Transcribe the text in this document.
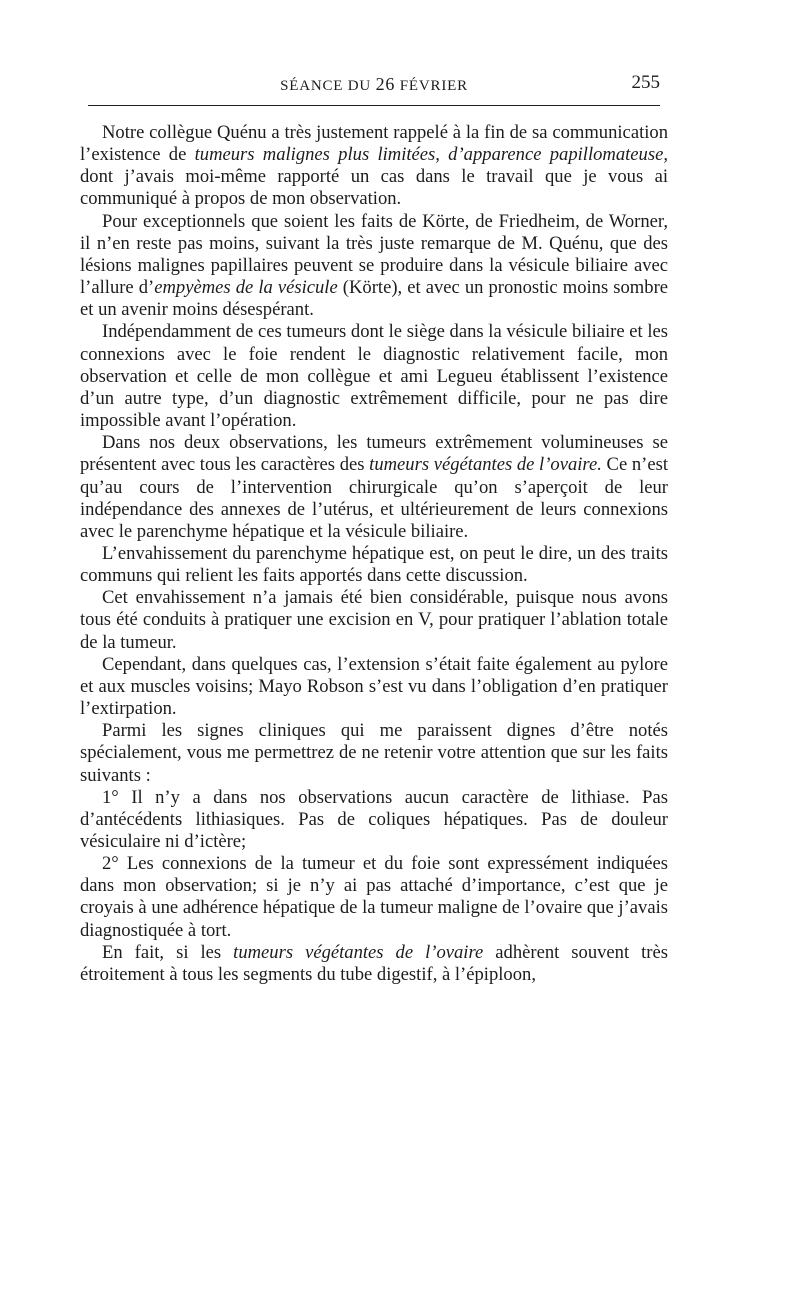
SÉANCE DU 26 FÉVRIER	255

Notre collègue Quénu a très justement rappelé à la fin de sa communication l’existence de tumeurs malignes plus limitées, d’apparence papillomateuse, dont j’avais moi-même rapporté un cas dans le travail que je vous ai communiqué à propos de mon observation.

Pour exceptionnels que soient les faits de Körte, de Friedheim, de Worner, il n’en reste pas moins, suivant la très juste remarque de M. Quénu, que des lésions malignes papillaires peuvent se produire dans la vésicule biliaire avec l’allure d’empyèmes de la vésicule (Körte), et avec un pronostic moins sombre et un avenir moins désespérant.

Indépendamment de ces tumeurs dont le siège dans la vésicule biliaire et les connexions avec le foie rendent le diagnostic relativement facile, mon observation et celle de mon collègue et ami Legueu établissent l’existence d’un autre type, d’un diagnostic extrêmement difficile, pour ne pas dire impossible avant l’opération.

Dans nos deux observations, les tumeurs extrêmement volumineuses se présentent avec tous les caractères des tumeurs végétantes de l’ovaire. Ce n’est qu’au cours de l’intervention chirurgicale qu’on s’aperçoit de leur indépendance des annexes de l’utérus, et ultérieurement de leurs connexions avec le parenchyme hépatique et la vésicule biliaire.

L’envahissement du parenchyme hépatique est, on peut le dire, un des traits communs qui relient les faits apportés dans cette discussion.

Cet envahissement n’a jamais été bien considérable, puisque nous avons tous été conduits à pratiquer une excision en V, pour pratiquer l’ablation totale de la tumeur.

Cependant, dans quelques cas, l’extension s’était faite également au pylore et aux muscles voisins; Mayo Robson s’est vu dans l’obligation d’en pratiquer l’extirpation.

Parmi les signes cliniques qui me paraissent dignes d’être notés spécialement, vous me permettrez de ne retenir votre attention que sur les faits suivants :

1° Il n’y a dans nos observations aucun caractère de lithiase. Pas d’antécédents lithiasiques. Pas de coliques hépatiques. Pas de douleur vésiculaire ni d’ictère;

2° Les connexions de la tumeur et du foie sont expressément indiquées dans mon observation; si je n’y ai pas attaché d’importance, c’est que je croyais à une adhérence hépatique de la tumeur maligne de l’ovaire que j’avais diagnostiquée à tort.

En fait, si les tumeurs végétantes de l’ovaire adhèrent souvent très étroitement à tous les segments du tube digestif, à l’épiploon,
